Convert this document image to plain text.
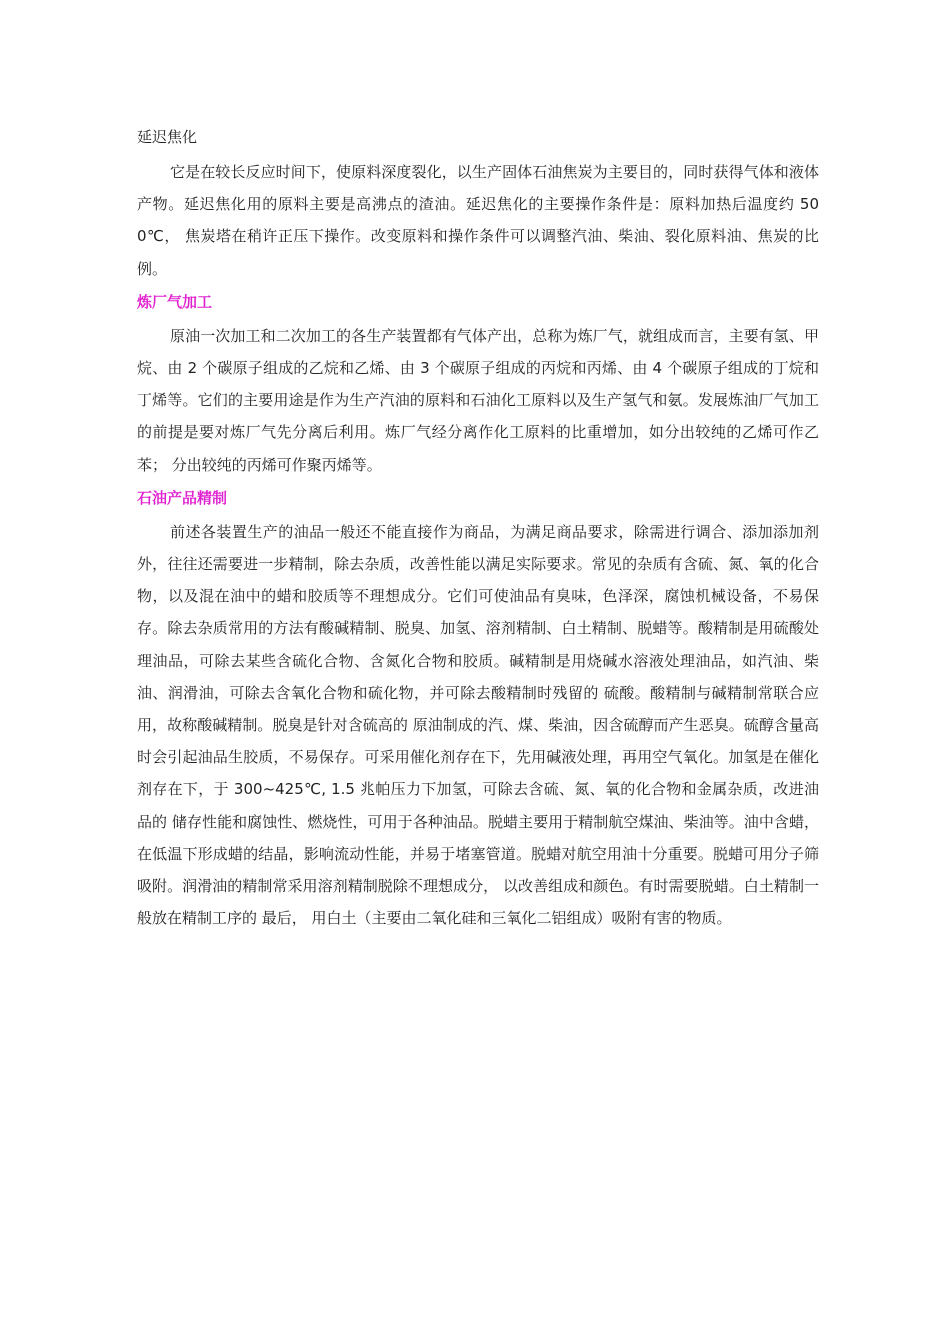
延迟焦化

它是在较长反应时间下，使原料深度裂化，以生产固体石油焦炭为主要目的，同时获得气体和液体产物。延迟焦化用的原料主要是高沸点的渣油。延迟焦化的主要操作条件是：原料加热后温度约 500℃， 焦炭塔在稍许正压下操作。改变原料和操作条件可以调整汽油、柴油、裂化原料油、焦炭的比例。

炼厂气加工

原油一次加工和二次加工的各生产装置都有气体产出，总称为炼厂气，就组成而言，主要有氢、甲烷、由 2 个碳原子组成的乙烷和乙烯、由 3 个碳原子组成的丙烷和丙烯、由 4 个碳原子组成的丁烷和丁烯等。它们的主要用途是作为生产汽油的原料和石油化工原料以及生产氢气和氨。发展炼油厂气加工的前提是要对炼厂气先分离后利用。炼厂气经分离作化工原料的比重增加，如分出较纯的乙烯可作乙苯； 分出较纯的丙烯可作聚丙烯等。

石油产品精制

前述各装置生产的油品一般还不能直接作为商品，为满足商品要求，除需进行调合、添加添加剂外，往往还需要进一步精制，除去杂质，改善性能以满足实际要求。常见的杂质有含硫、氮、氧的化合物，以及混在油中的蜡和胶质等不理想成分。它们可使油品有臭味，色泽深，腐蚀机械设备，不易保存。除去杂质常用的方法有酸碱精制、脱臭、加氢、溶剂精制、白土精制、脱蜡等。酸精制是用硫酸处理油品，可除去某些含硫化合物、含氮化合物和胶质。碱精制是用烧碱水溶液处理油品，如汽油、柴油、润滑油，可除去含氧化合物和硫化物，并可除去酸精制时残留的 硫酸。酸精制与碱精制常联合应用，故称酸碱精制。脱臭是针对含硫高的 原油制成的汽、煤、柴油，因含硫醇而产生恶臭。硫醇含量高时会引起油品生胶质，不易保存。可采用催化剂存在下，先用碱液处理，再用空气氧化。加氢是在催化剂存在下，于 300~425℃, 1.5 兆帕压力下加氢，可除去含硫、氮、氧的化合物和金属杂质，改进油品的 储存性能和腐蚀性、燃烧性，可用于各种油品。脱蜡主要用于精制航空煤油、柴油等。油中含蜡，在低温下形成蜡的结晶，影响流动性能，并易于堵塞管道。脱蜡对航空用油十分重要。脱蜡可用分子筛吸附。润滑油的精制常采用溶剂精制脱除不理想成分， 以改善组成和颜色。有时需要脱蜡。白土精制一般放在精制工序的 最后， 用白土（主要由二氧化硅和三氧化二铝组成）吸附有害的物质。
